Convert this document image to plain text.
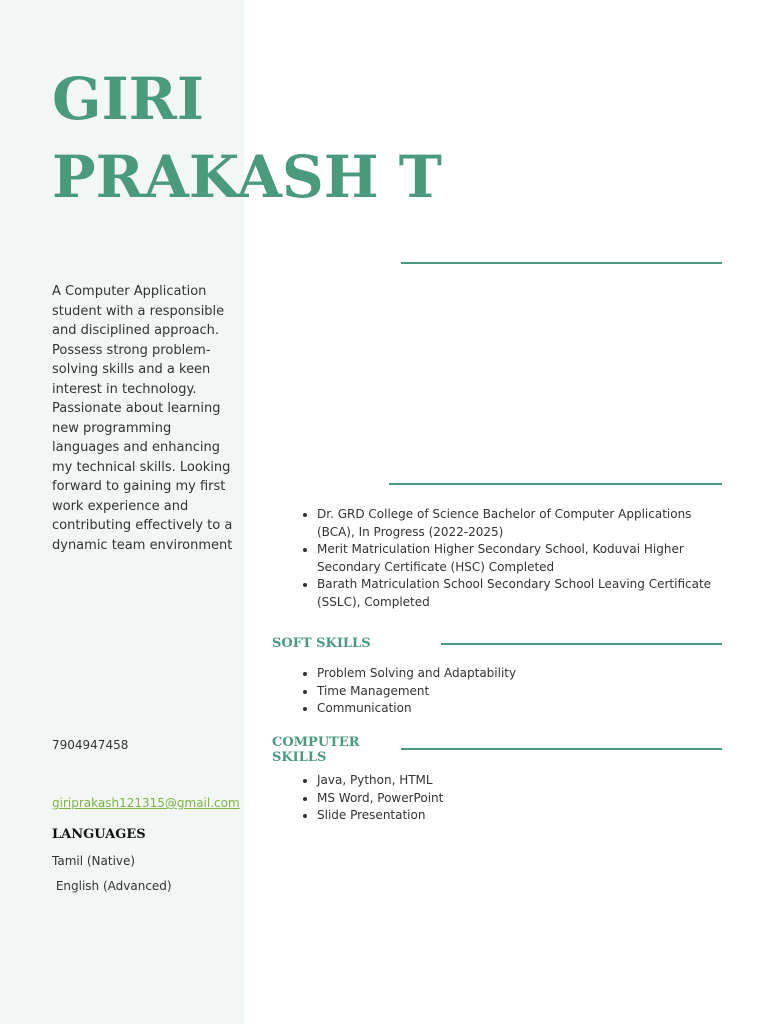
GIRI
PRAKASH T

A Computer Application student with a responsible and disciplined approach. Possess strong problem-solving skills and a keen interest in technology. Passionate about learning new programming languages and enhancing my technical skills. Looking forward to gaining my first work experience and contributing effectively to a dynamic team environment

• Dr. GRD College of Science Bachelor of Computer Applications (BCA), In Progress (2022-2025)
• Merit Matriculation Higher Secondary School, Koduvai Higher Secondary Certificate (HSC) Completed
• Barath Matriculation School Secondary School Leaving Certificate (SSLC), Completed
SOFT SKILLS
• Problem Solving and Adaptability
• Time Management
• Communication
7904947458	COMPUTER
SKILLS
• Java, Python, HTML
• MS Word, PowerPoint
• Slide Presentation
giriprakash121315@gmail.com
LANGUAGES
Tamil (Native)
English (Advanced)
